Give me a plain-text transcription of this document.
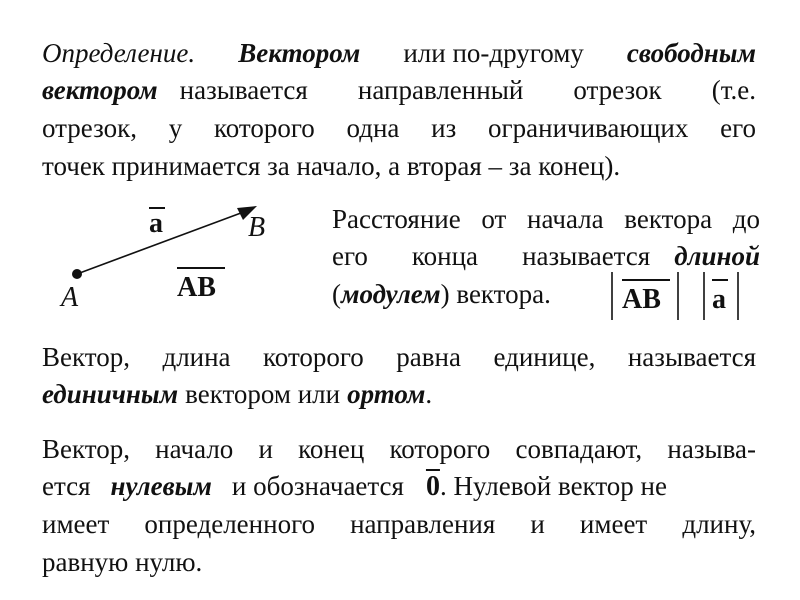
Определение. Вектором или по-другому свободным
вектором называется направленный отрезок (т.е.
отрезок, у которого одна из ограничивающих его
точек принимается за начало, а вторая – за конец).
a	B
A	AB
Расстояние от начала вектора до
его конца называется длиной
( модулем ) вектора.	AB a
Вектор, длина которого равна единице, называется
единичным вектором или ортом .
Вектор, начало и конец которого совпадают, называ-
ется нулевым и обозначается 0 . Нулевой вектор не
имеет определенного направления и имеет длину,
равную нулю.
